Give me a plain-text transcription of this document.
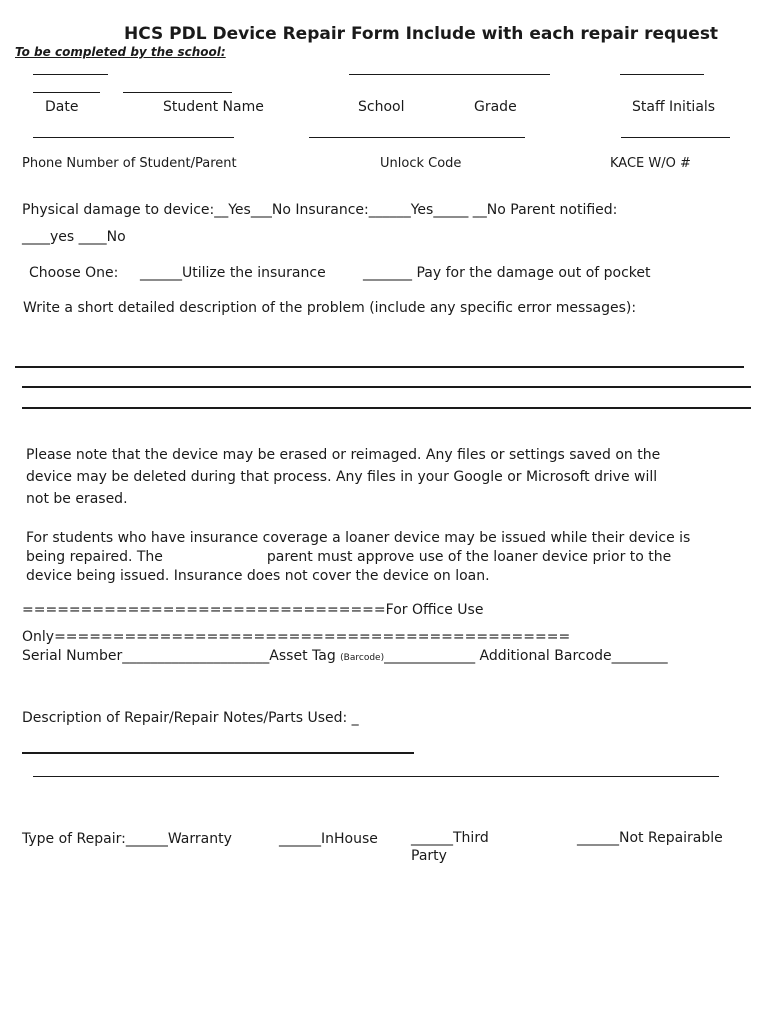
HCS PDL Device Repair Form Include with each repair request
To be completed by the school:
Date	Student Name	School	Grade	Staff Initials
Phone Number of Student/Parent	Unlock Code	KACE W/O #
Physical damage to device:__Yes___No Insurance:______Yes_____ __No Parent notified:
____yes ____No
Choose One: ______Utilize the insurance	_______ Pay for the damage out of pocket
Write a short detailed description of the problem (include any specific error messages):
Please note that the device may be erased or reimaged. Any files or settings saved on the
device may be deleted during that process. Any files in your Google or Microsoft drive will
not be erased.
For students who have insurance coverage a loaner device may be issued while their device is
being repaired. The	parent must approve use of the loaner device prior to the
device being issued. Insurance does not cover the device on loan.
===============================For Office Use
Only============================================
Serial Number_____________________Asset Tag (Barcode)_____________ Additional Barcode________
Description of Repair/Repair Notes/Parts Used: _
Type of Repair:______Warranty	______InHouse ______Third
Party
______Not Repairable
